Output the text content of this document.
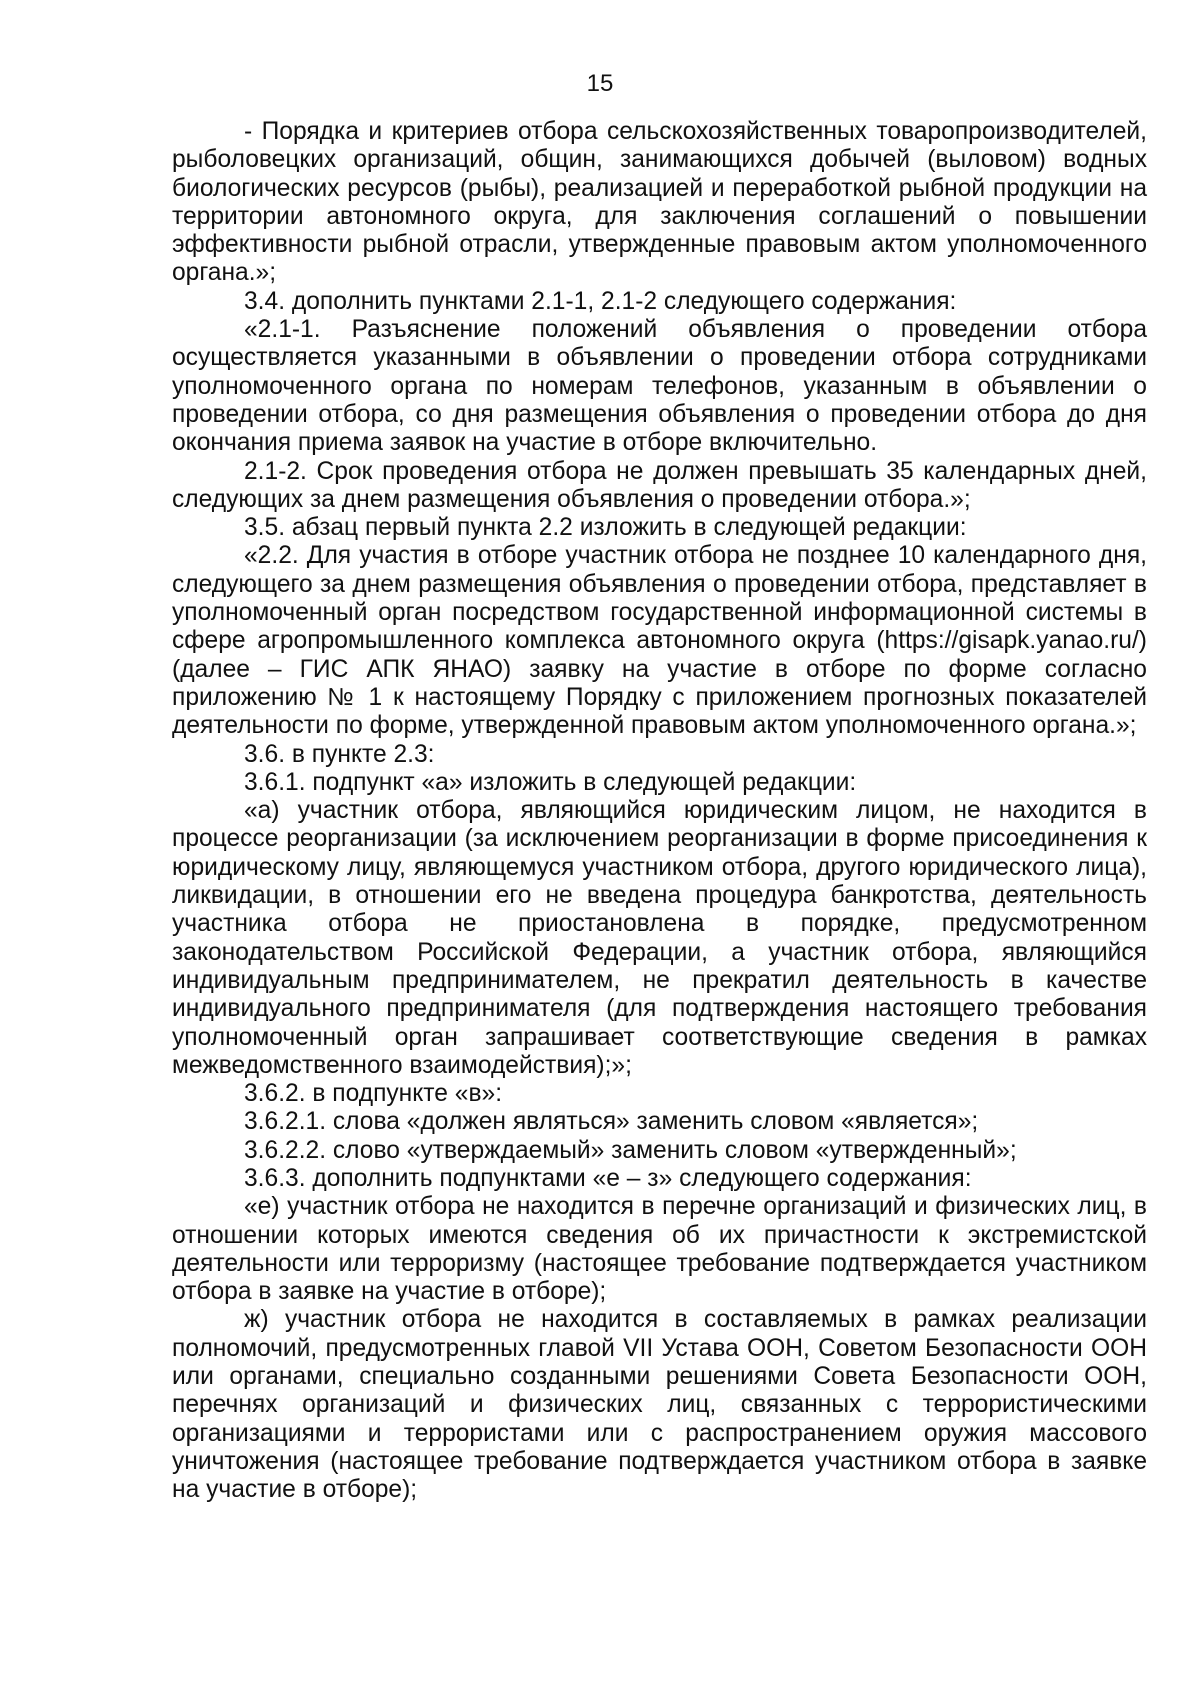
15

- Порядка и критериев отбора сельскохозяйственных товаропроизводителей, рыболовецких организаций, общин, занимающихся добычей (выловом) водных биологических ресурсов (рыбы), реализацией и переработкой рыбной продукции на территории автономного округа, для заключения соглашений о повышении эффективности рыбной отрасли, утвержденные правовым актом уполномоченного органа.»;

3.4. дополнить пунктами 2.1-1, 2.1-2 следующего содержания:

«2.1-1. Разъяснение положений объявления о проведении отбора осуществляется указанными в объявлении о проведении отбора сотрудниками уполномоченного органа по номерам телефонов, указанным в объявлении о проведении отбора, со дня размещения объявления о проведении отбора до дня окончания приема заявок на участие в отборе включительно.

2.1-2. Срок проведения отбора не должен превышать 35 календарных дней, следующих за днем размещения объявления о проведении отбора.»;

3.5. абзац первый пункта 2.2 изложить в следующей редакции:

«2.2. Для участия в отборе участник отбора не позднее 10 календарного дня, следующего за днем размещения объявления о проведении отбора, представляет в уполномоченный орган посредством государственной информационной системы в сфере агропромышленного комплекса автономного округа (https://gisapk.yanao.ru/) (далее – ГИС АПК ЯНАО) заявку на участие в отборе по форме согласно приложению № 1 к настоящему Порядку с приложением прогнозных показателей деятельности по форме, утвержденной правовым актом уполномоченного органа.»;

3.6. в пункте 2.3:

3.6.1. подпункт «а» изложить в следующей редакции:

«а) участник отбора, являющийся юридическим лицом, не находится в процессе реорганизации (за исключением реорганизации в форме присоединения к юридическому лицу, являющемуся участником отбора, другого юридического лица), ликвидации, в отношении его не введена процедура банкротства, деятельность участника отбора не приостановлена в порядке, предусмотренном законодательством Российской Федерации, а участник отбора, являющийся индивидуальным предпринимателем, не прекратил деятельность в качестве индивидуального предпринимателя (для подтверждения настоящего требования уполномоченный орган запрашивает соответствующие сведения в рамках межведомственного взаимодействия);»;

3.6.2. в подпункте «в»:

3.6.2.1. слова «должен являться» заменить словом «является»;

3.6.2.2. слово «утверждаемый» заменить словом «утвержденный»;

3.6.3. дополнить подпунктами «е – з» следующего содержания:

«е) участник отбора не находится в перечне организаций и физических лиц, в отношении которых имеются сведения об их причастности к экстремистской деятельности или терроризму (настоящее требование подтверждается участником отбора в заявке на участие в отборе);

ж) участник отбора не находится в составляемых в рамках реализации полномочий, предусмотренных главой VII Устава ООН, Советом Безопасности ООН или органами, специально созданными решениями Совета Безопасности ООН, перечнях организаций и физических лиц, связанных с террористическими организациями и террористами или с распространением оружия массового уничтожения (настоящее требование подтверждается участником отбора в заявке на участие в отборе);
